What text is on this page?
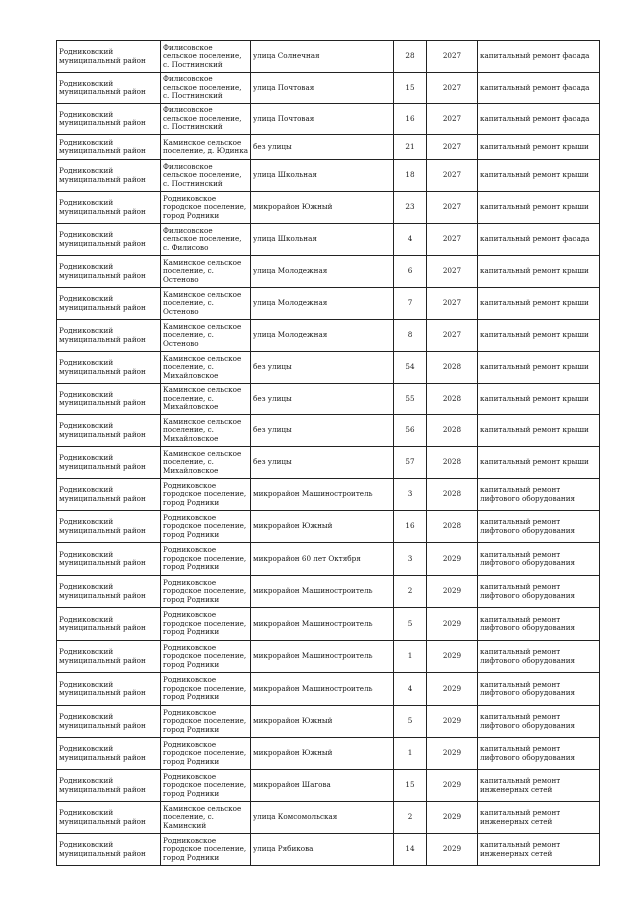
Родниковский муниципальный район	Филисовское сельское поселение, с. Постнинский	улица Солнечная	28	2027	капитальный ремонт фасада
Родниковский муниципальный район	Филисовское сельское поселение, с. Постнинский	улица Почтовая	15	2027	капитальный ремонт фасада
Родниковский муниципальный район	Филисовское сельское поселение, с. Постнинский	улица Почтовая	16	2027	капитальный ремонт фасада
Родниковский муниципальный район	Каминское сельское поселение, д. Юдинка	без улицы	21	2027	капитальный ремонт крыши
Родниковский муниципальный район	Филисовское сельское поселение, с. Постнинский	улица Школьная	18	2027	капитальный ремонт крыши
Родниковский муниципальный район	Родниковское городское поселение, город Родники	микрорайон Южный	23	2027	капитальный ремонт крыши
Родниковский муниципальный район	Филисовское сельское поселение, с. Филисово	улица Школьная	4	2027	капитальный ремонт фасада
Родниковский муниципальный район	Каминское сельское поселение, с. Остеново	улица Молодежная	6	2027	капитальный ремонт крыши
Родниковский муниципальный район	Каминское сельское поселение, с. Остеново	улица Молодежная	7	2027	капитальный ремонт крыши
Родниковский муниципальный район	Каминское сельское поселение, с. Остеново	улица Молодежная	8	2027	капитальный ремонт крыши
Родниковский муниципальный район	Каминское сельское поселение, с. Михайловское	без улицы	54	2028	капитальный ремонт крыши
Родниковский муниципальный район	Каминское сельское поселение, с. Михайловское	без улицы	55	2028	капитальный ремонт крыши
Родниковский муниципальный район	Каминское сельское поселение, с. Михайловское	без улицы	56	2028	капитальный ремонт крыши
Родниковский муниципальный район	Каминское сельское поселение, с. Михайловское	без улицы	57	2028	капитальный ремонт крыши
Родниковский муниципальный район	Родниковское городское поселение, город Родники	микрорайон Машиностроитель	3	2028	капитальный ремонт лифтового оборудования
Родниковский муниципальный район	Родниковское городское поселение, город Родники	микрорайон Южный	16	2028	капитальный ремонт лифтового оборудования
Родниковский муниципальный район	Родниковское городское поселение, город Родники	микрорайон 60 лет Октября	3	2029	капитальный ремонт лифтового оборудования
Родниковский муниципальный район	Родниковское городское поселение, город Родники	микрорайон Машиностроитель	2	2029	капитальный ремонт лифтового оборудования
Родниковский муниципальный район	Родниковское городское поселение, город Родники	микрорайон Машиностроитель	5	2029	капитальный ремонт лифтового оборудования
Родниковский муниципальный район	Родниковское городское поселение, город Родники	микрорайон Машиностроитель	1	2029	капитальный ремонт лифтового оборудования
Родниковский муниципальный район	Родниковское городское поселение, город Родники	микрорайон Машиностроитель	4	2029	капитальный ремонт лифтового оборудования
Родниковский муниципальный район	Родниковское городское поселение, город Родники	микрорайон Южный	5	2029	капитальный ремонт лифтового оборудования
Родниковский муниципальный район	Родниковское городское поселение, город Родники	микрорайон Южный	1	2029	капитальный ремонт лифтового оборудования
Родниковский муниципальный район	Родниковское городское поселение, город Родники	микрорайон Шагова	15	2029	капитальный ремонт инженерных сетей
Родниковский муниципальный район	Каминское сельское поселение, с. Каминский	улица Комсомольская	2	2029	капитальный ремонт инженерных сетей
Родниковский муниципальный район	Родниковское городское поселение, город Родники	улица Рябикова	14	2029	капитальный ремонт инженерных сетей
